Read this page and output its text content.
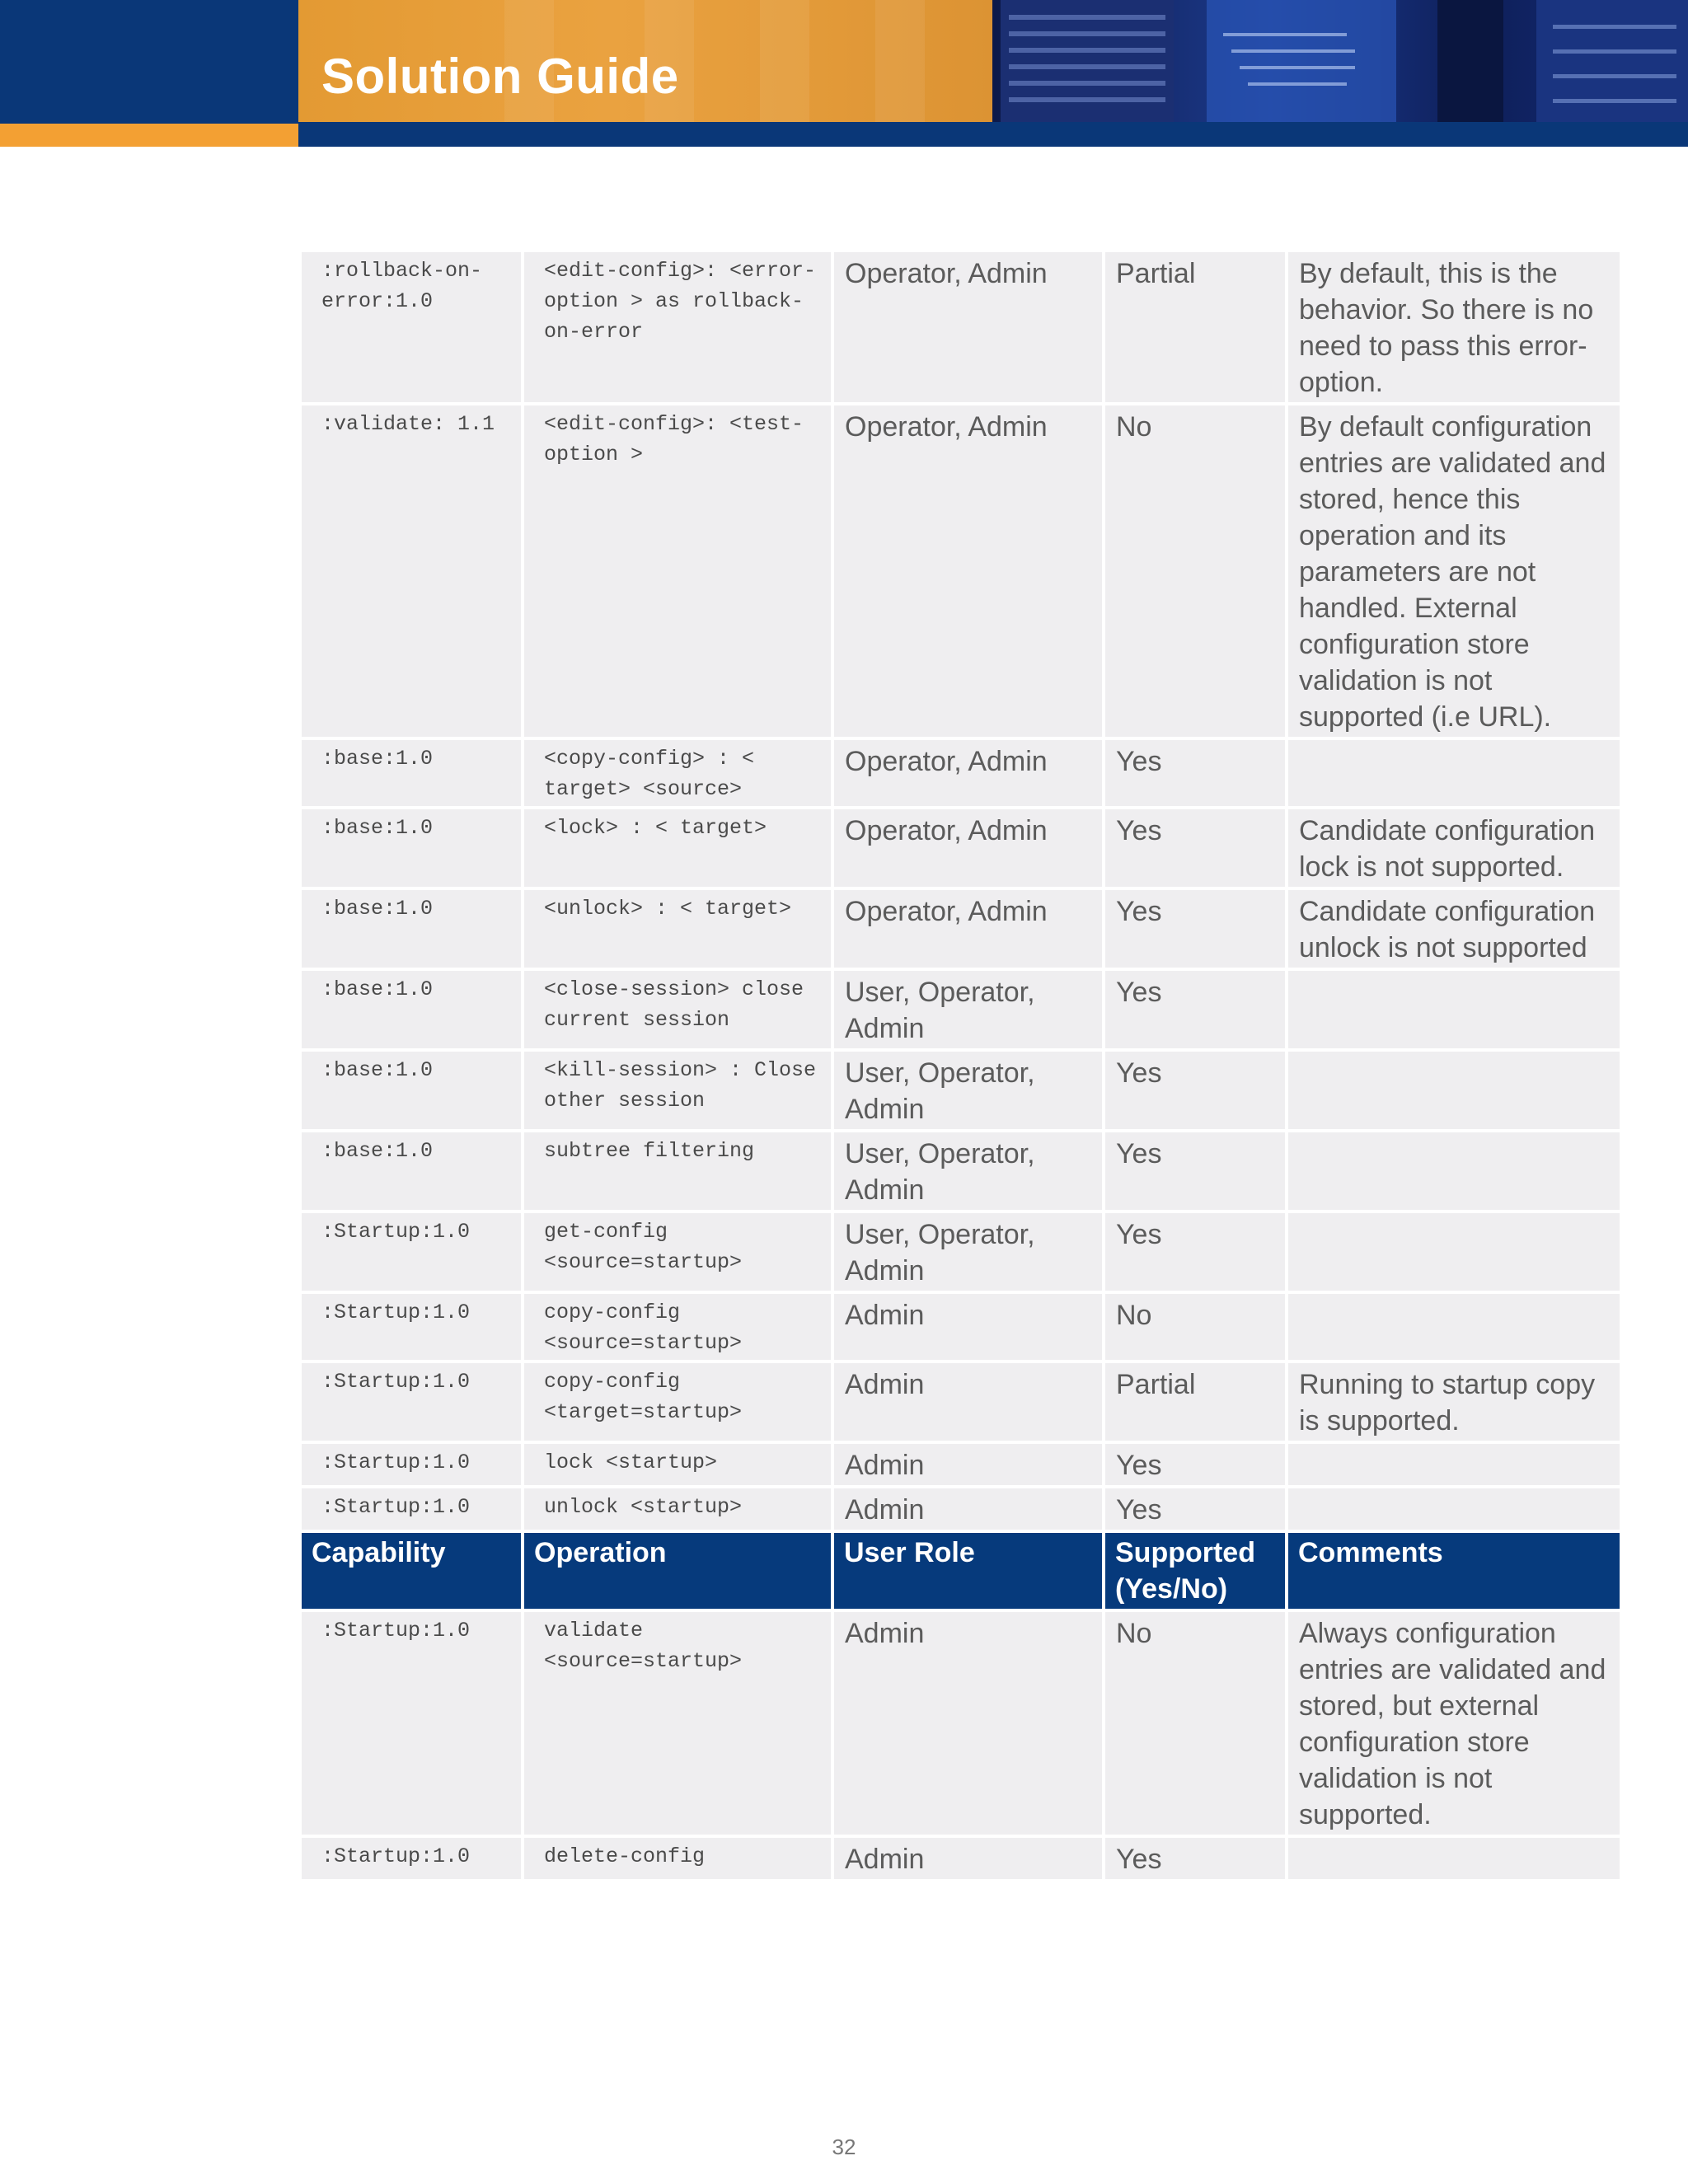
Solution Guide
:rollback-on-error:1.0	<edit-config>: <error-option > as rollback-on-error	Operator, Admin	Partial	By default, this is the behavior. So there is no need to pass this error-option.
:validate: 1.1	<edit-config>: <test-option >	Operator, Admin	No	By default configuration entries are validated and stored, hence this operation and its parameters are not handled. External configuration store validation is not supported (i.e URL).
:base:1.0	<copy-config> : < target> <source>	Operator, Admin	Yes	
:base:1.0	<lock> : < target>	Operator, Admin	Yes	Candidate configuration lock is not supported.
:base:1.0	<unlock> : < target>	Operator, Admin	Yes	Candidate configuration unlock is not supported
:base:1.0	<close-session> close current session	User, Operator, Admin	Yes	
:base:1.0	<kill-session> : Close other session	User, Operator, Admin	Yes	
:base:1.0	subtree filtering	User, Operator, Admin	Yes	
:Startup:1.0	get-config <source=startup>	User, Operator, Admin	Yes	
:Startup:1.0	copy-config <source=startup>	Admin	No	
:Startup:1.0	copy-config <target=startup>	Admin	Partial	Running to startup copy is supported.
:Startup:1.0	lock <startup>	Admin	Yes	
:Startup:1.0	unlock <startup>	Admin	Yes	
Capability	Operation	User Role	Supported (Yes/No)	Comments
:Startup:1.0	validate <source=startup>	Admin	No	Always configuration entries are validated and stored, but external configuration store validation is not supported.
:Startup:1.0	delete-config	Admin	Yes	
32
